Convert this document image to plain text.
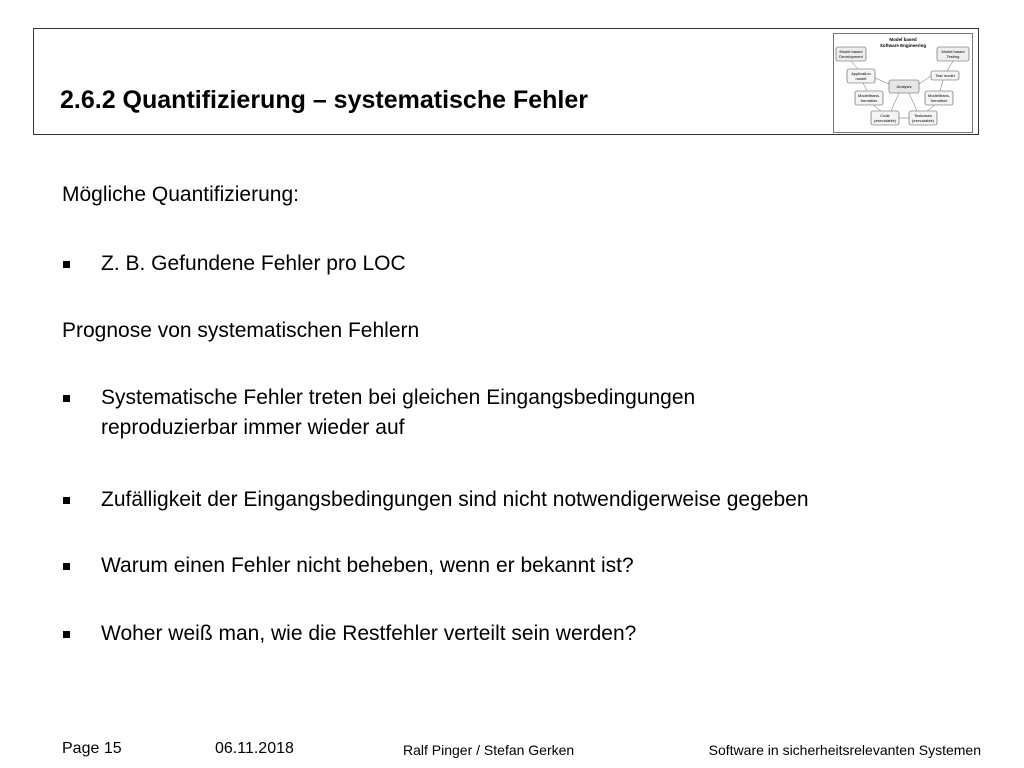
2.6.2 Quantifizierung – systematische Fehler
Model based
Software Engineering
Model based
Development
Model based
Testing
Application
model
Test model
Analysis
Modelltrans-
formation
Modelltrans-
formation
Code
(executable)
Testcases
(executable)
Mögliche Quantifizierung:
Z. B. Gefundene Fehler pro LOC
Prognose von systematischen Fehlern
Systematische Fehler treten bei gleichen Eingangsbedingungen
reproduzierbar immer wieder auf
Zufälligkeit der Eingangsbedingungen sind nicht notwendigerweise gegeben
Warum einen Fehler nicht beheben, wenn er bekannt ist?
Woher weiß man, wie die Restfehler verteilt sein werden?
Page 15	06.11.2018	Ralf Pinger / Stefan Gerken	Software in sicherheitsrelevanten Systemen
